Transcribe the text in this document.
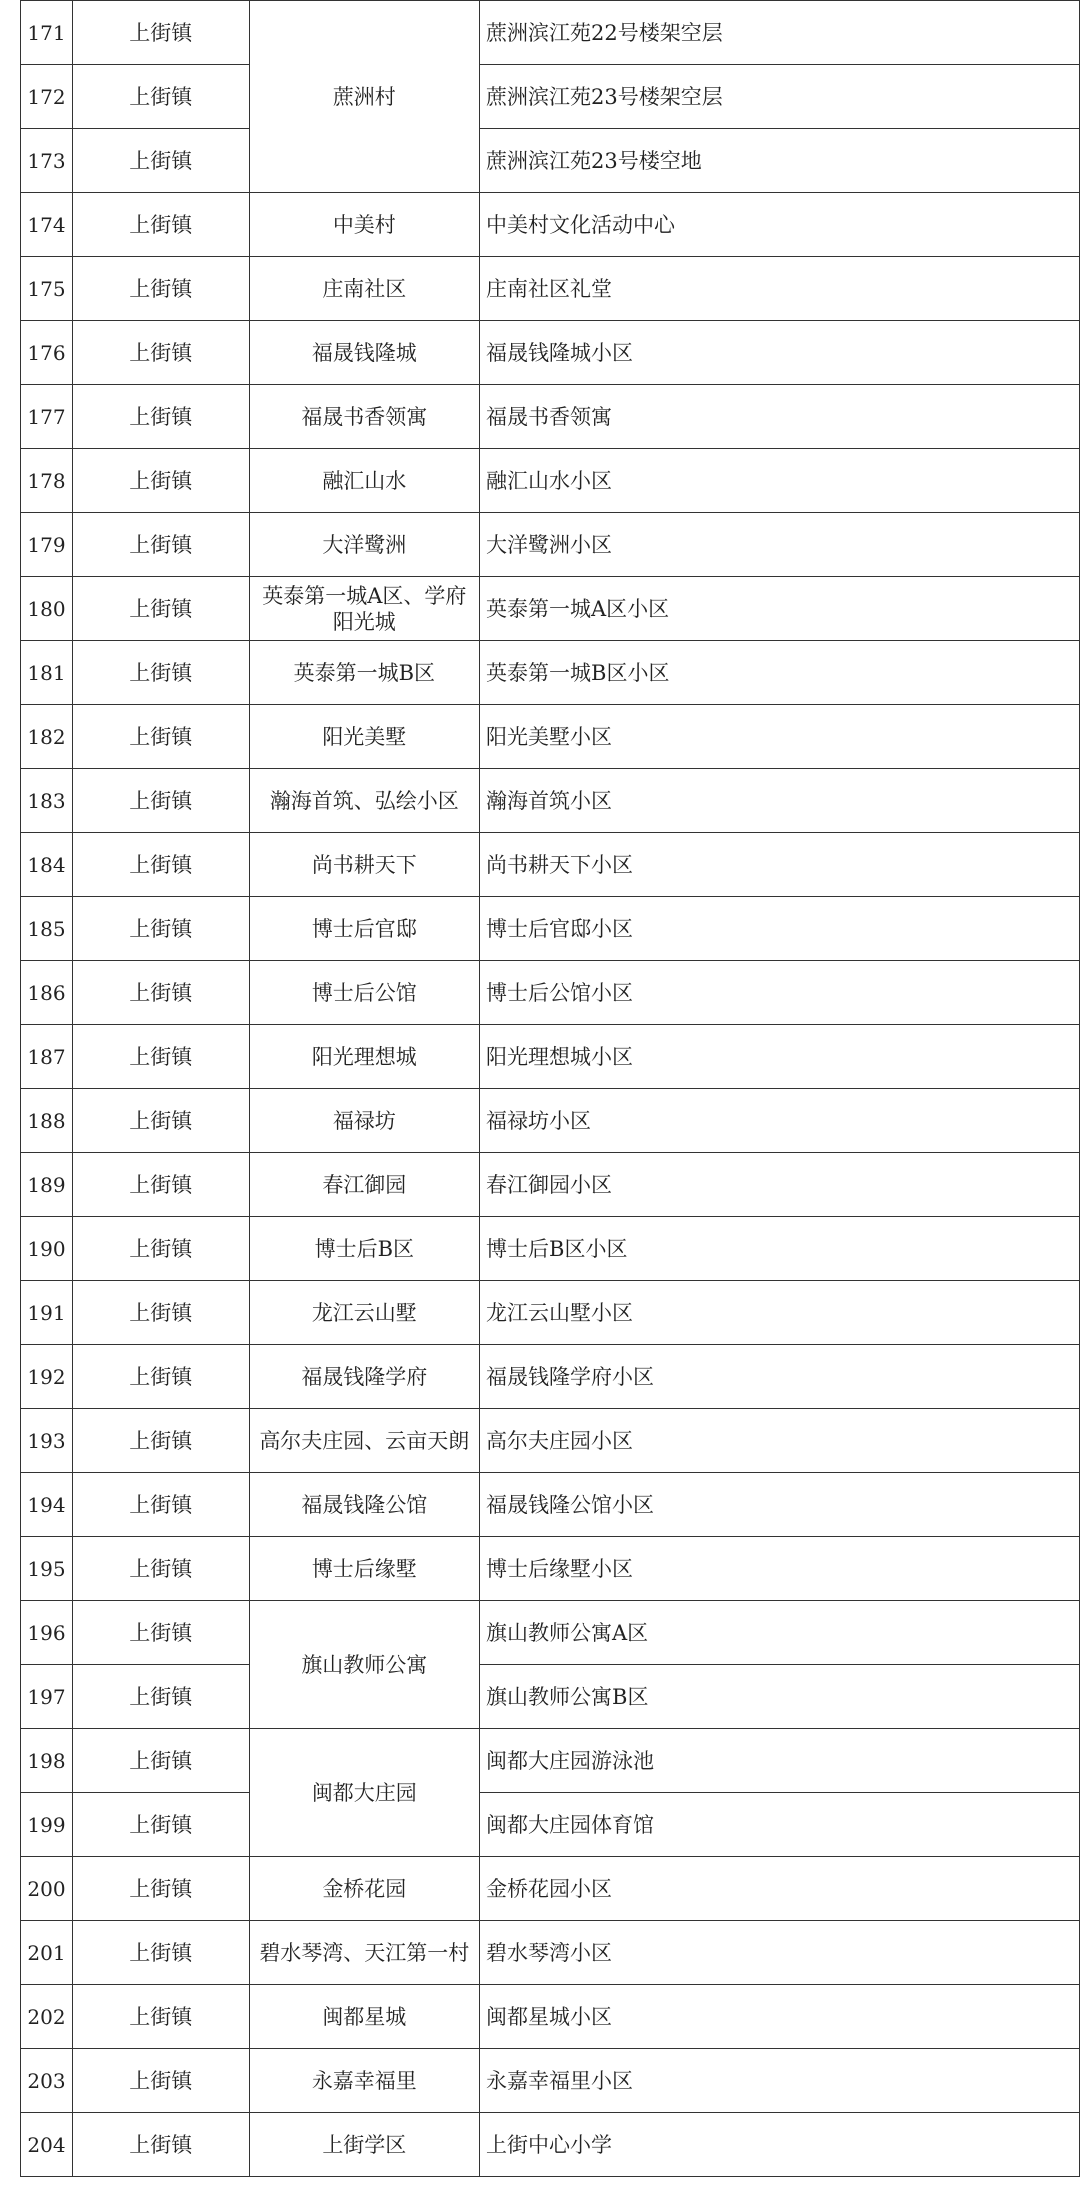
171	上街镇	蔗洲村	蔗洲滨江苑22号楼架空层
172	上街镇		蔗洲滨江苑23号楼架空层
173	上街镇		蔗洲滨江苑23号楼空地
174	上街镇	中美村	中美村文化活动中心
175	上街镇	庄南社区	庄南社区礼堂
176	上街镇	福晟钱隆城	福晟钱隆城小区
177	上街镇	福晟书香领寓	福晟书香领寓
178	上街镇	融汇山水	融汇山水小区
179	上街镇	大洋鹭洲	大洋鹭洲小区
180	上街镇	英泰第一城A区、学府阳光城	英泰第一城A区小区
181	上街镇	英泰第一城B区	英泰第一城B区小区
182	上街镇	阳光美墅	阳光美墅小区
183	上街镇	瀚海首筑、弘绘小区	瀚海首筑小区
184	上街镇	尚书耕天下	尚书耕天下小区
185	上街镇	博士后官邸	博士后官邸小区
186	上街镇	博士后公馆	博士后公馆小区
187	上街镇	阳光理想城	阳光理想城小区
188	上街镇	福禄坊	福禄坊小区
189	上街镇	春江御园	春江御园小区
190	上街镇	博士后B区	博士后B区小区
191	上街镇	龙江云山墅	龙江云山墅小区
192	上街镇	福晟钱隆学府	福晟钱隆学府小区
193	上街镇	高尔夫庄园、云亩天朗	高尔夫庄园小区
194	上街镇	福晟钱隆公馆	福晟钱隆公馆小区
195	上街镇	博士后缘墅	博士后缘墅小区
196	上街镇	旗山教师公寓	旗山教师公寓A区
197	上街镇		旗山教师公寓B区
198	上街镇	闽都大庄园	闽都大庄园游泳池
199	上街镇		闽都大庄园体育馆
200	上街镇	金桥花园	金桥花园小区
201	上街镇	碧水琴湾、天江第一村	碧水琴湾小区
202	上街镇	闽都星城	闽都星城小区
203	上街镇	永嘉幸福里	永嘉幸福里小区
204	上街镇	上街学区	上街中心小学
